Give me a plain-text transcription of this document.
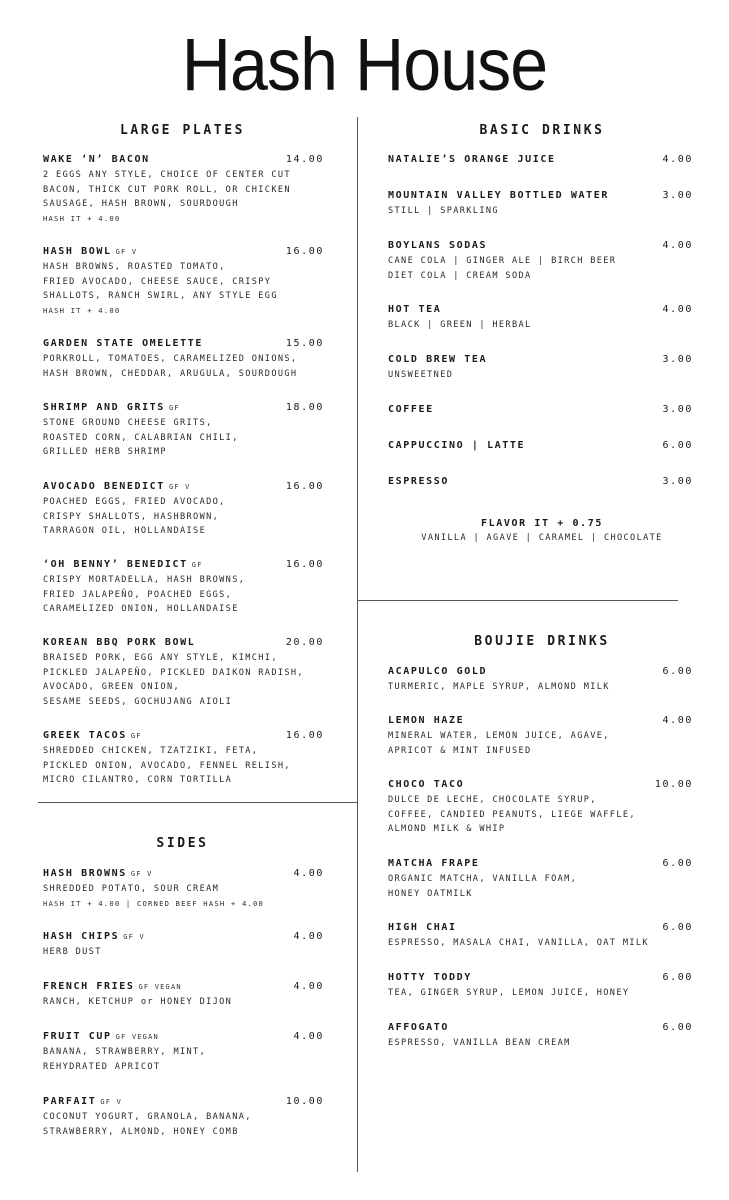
Hash House
LARGE PLATES
SIDES
BASIC DRINKS
BOUJIE DRINKS
WAKE ‘N’ BACON	14.00
2 EGGS ANY STYLE, CHOICE OF CENTER CUT
BACON, THICK CUT PORK ROLL, OR CHICKEN
SAUSAGE, HASH BROWN, SOURDOUGH
HASH IT + 4.00
HASH BOWL GF V	16.00
HASH BROWNS, ROASTED TOMATO,
FRIED AVOCADO, CHEESE SAUCE, CRISPY
SHALLOTS, RANCH SWIRL, ANY STYLE EGG
HASH IT + 4.00
GARDEN STATE OMELETTE	15.00
PORKROLL, TOMATOES, CARAMELIZED ONIONS,
HASH BROWN, CHEDDAR, ARUGULA, SOURDOUGH
SHRIMP AND GRITS GF	18.00
STONE GROUND CHEESE GRITS,
ROASTED CORN, CALABRIAN CHILI,
GRILLED HERB SHRIMP
AVOCADO BENEDICT GF V	16.00
POACHED EGGS, FRIED AVOCADO,
CRISPY SHALLOTS, HASHBROWN,
TARRAGON OIL, HOLLANDAISE
‘OH BENNY’ BENEDICT GF	16.00
CRISPY MORTADELLA, HASH BROWNS,
FRIED JALAPEÑO, POACHED EGGS,
CARAMELIZED ONION, HOLLANDAISE
KOREAN BBQ PORK BOWL	20.00
BRAISED PORK, EGG ANY STYLE, KIMCHI,
PICKLED JALAPEÑO, PICKLED DAIKON RADISH,
AVOCADO, GREEN ONION,
SESAME SEEDS, GOCHUJANG AIOLI
GREEK TACOS GF	16.00
SHREDDED CHICKEN, TZATZIKI, FETA,
PICKLED ONION, AVOCADO, FENNEL RELISH,
MICRO CILANTRO, CORN TORTILLA
HASH BROWNS GF V	4.00
SHREDDED POTATO, SOUR CREAM
HASH IT + 4.00 | CORNED BEEF HASH + 4.00
HASH CHIPS GF V	4.00
HERB DUST
FRENCH FRIES GF VEGAN	4.00
RANCH, KETCHUP or HONEY DIJON
FRUIT CUP GF VEGAN	4.00
BANANA, STRAWBERRY, MINT,
REHYDRATED APRICOT
PARFAIT GF V	10.00
COCONUT YOGURT, GRANOLA, BANANA,
STRAWBERRY, ALMOND, HONEY COMB
NATALIE’S ORANGE JUICE	4.00
MOUNTAIN VALLEY BOTTLED WATER	3.00
STILL | SPARKLING
BOYLANS SODAS	4.00
CANE COLA | GINGER ALE | BIRCH BEER
DIET COLA | CREAM SODA
HOT TEA	4.00
BLACK | GREEN | HERBAL
COLD BREW TEA	3.00
UNSWEETNED
COFFEE	3.00
CAPPUCCINO | LATTE	6.00
ESPRESSO	3.00
ACAPULCO GOLD	6.00
TURMERIC, MAPLE SYRUP, ALMOND MILK
LEMON HAZE	4.00
MINERAL WATER, LEMON JUICE, AGAVE,
APRICOT & MINT INFUSED
CHOCO TACO	10.00
DULCE DE LECHE, CHOCOLATE SYRUP,
COFFEE, CANDIED PEANUTS, LIEGE WAFFLE,
ALMOND MILK & WHIP
MATCHA FRAPE	6.00
ORGANIC MATCHA, VANILLA FOAM,
HONEY OATMILK
HIGH CHAI	6.00
ESPRESSO, MASALA CHAI, VANILLA, OAT MILK
HOTTY TODDY	6.00
TEA, GINGER SYRUP, LEMON JUICE, HONEY
AFFOGATO	6.00
ESPRESSO, VANILLA BEAN CREAM
FLAVOR IT + 0.75
VANILLA | AGAVE | CARAMEL | CHOCOLATE
